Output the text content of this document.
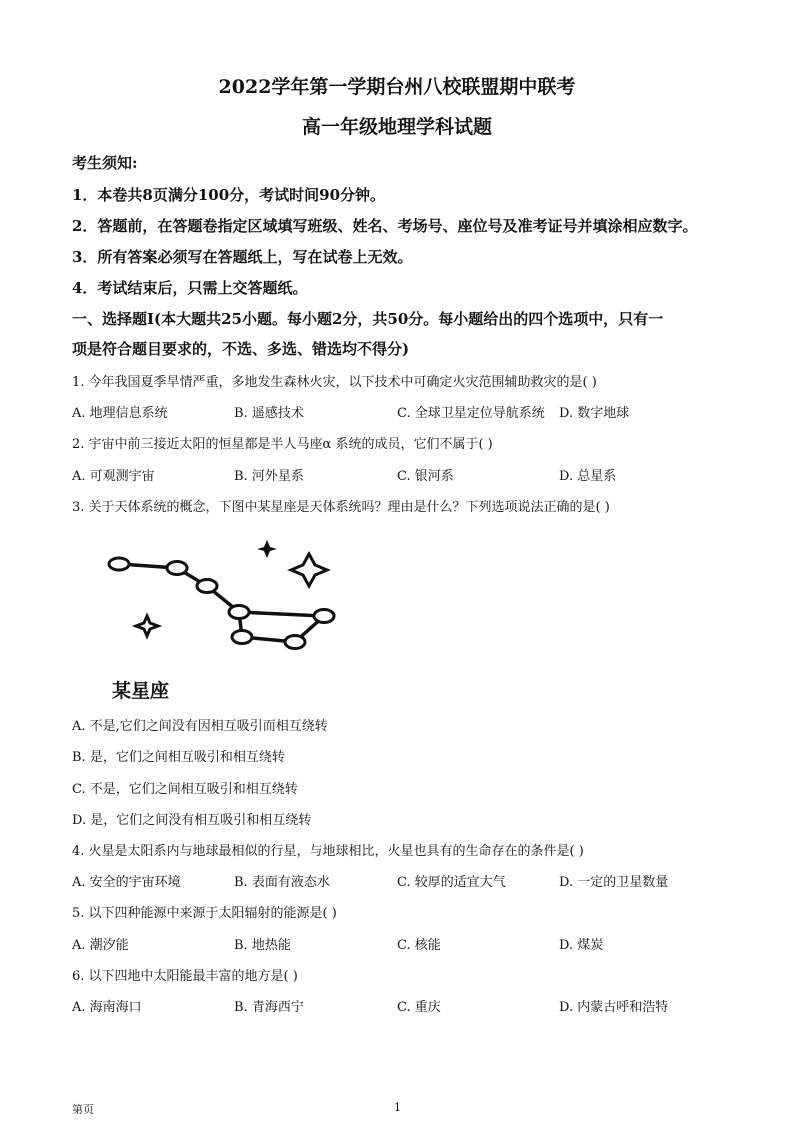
2022学年第一学期台州八校联盟期中联考
高一年级地理学科试题
考生须知:
1．本卷共8页满分100分，考试时间90分钟。
2．答题前，在答题卷指定区域填写班级、姓名、考场号、座位号及准考证号并填涂相应数字。
3．所有答案必须写在答题纸上，写在试卷上无效。
4．考试结束后，只需上交答题纸。
一、选择题Ⅰ(本大题共25小题。每小题2分，共50分。每小题给出的四个选项中，只有一
项是符合题目要求的，不选、多选、错选均不得分)
1. 今年我国夏季旱情严重，多地发生森林火灾，以下技术中可确定火灾范围辅助救灾的是( )
A. 地理信息系统	B. 遥感技术	C. 全球卫星定位导航系统 D. 数字地球
2. 宇宙中前三接近太阳的恒星都是半人马座α 系统的成员，它们不属于( )
A. 可观测宇宙	B. 河外星系	C. 银河系	D. 总星系
3. 关于天体系统的概念，下图中某星座是天体系统吗？理由是什么？下列选项说法正确的是( )
某星座
A. 不是,它们之间没有因相互吸引而相互绕转
B. 是，它们之间相互吸引和相互绕转
C. 不是，它们之间相互吸引和相互绕转
D. 是，它们之间没有相互吸引和相互绕转
4. 火星是太阳系内与地球最相似的行星，与地球相比，火星也具有的生命存在的条件是( )
A. 安全的宇宙环境	B. 表面有液态水	C. 较厚的适宜大气	D. 一定的卫星数量
5. 以下四种能源中来源于太阳辐射的能源是( )
A. 潮汐能	B. 地热能	C. 核能	D. 煤炭
6. 以下四地中太阳能最丰富的地方是( )
A. 海南海口	B. 青海西宁	C. 重庆	D. 内蒙古呼和浩特
第页	1
